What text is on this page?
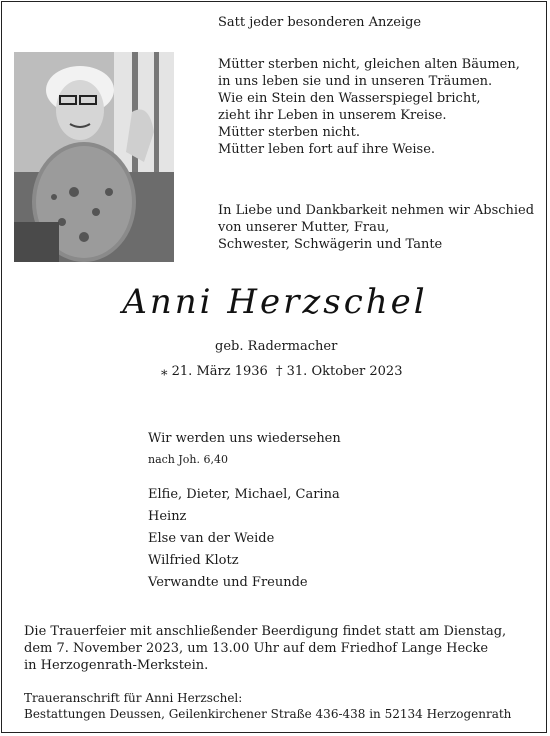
Satt jeder besonderen Anzeige
Mütter sterben nicht, gleichen alten Bäumen,
in uns leben sie und in unseren Träumen.
Wie ein Stein den Wasserspiegel bricht,
zieht ihr Leben in unserem Kreise.
Mütter sterben nicht.
Mütter leben fort auf ihre Weise.
In Liebe und Dankbarkeit nehmen wir Abschied
von unserer Mutter, Frau,
Schwester, Schwägerin und Tante
Anni Herzschel
geb. Radermacher
⁎ 21. März 1936 † 31. Oktober 2023
Wir werden uns wiedersehen
nach Joh. 6,40
Elfie, Dieter, Michael, Carina
Heinz
Else van der Weide
Wilfried Klotz
Verwandte und Freunde
Die Trauerfeier mit anschließender Beerdigung findet statt am Dienstag,
dem 7. November 2023, um 13.00 Uhr auf dem Friedhof Lange Hecke
in Herzogenrath-Merkstein.
Traueranschrift für Anni Herzschel:
Bestattungen Deussen, Geilenkirchener Straße 436-438 in 52134 Herzogenrath
